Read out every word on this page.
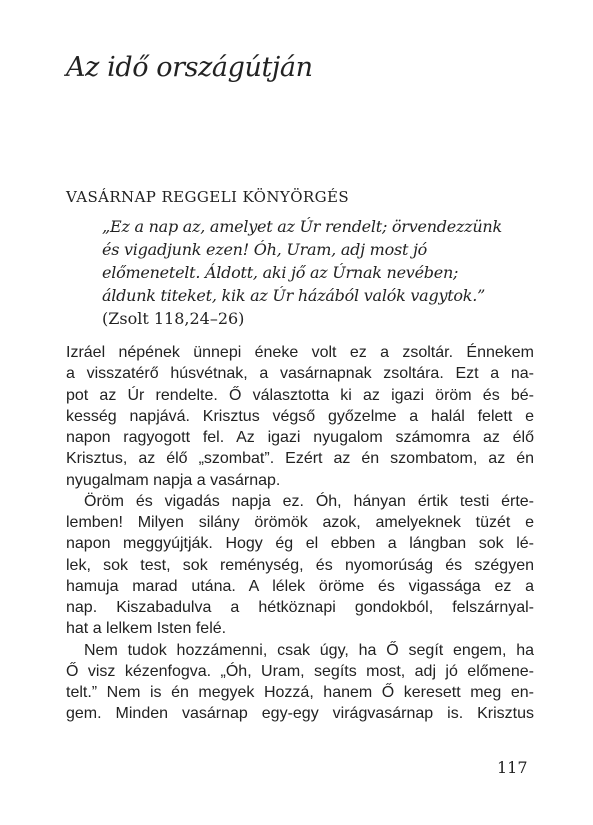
Az idő országútján
VASÁRNAP REGGELI KÖNYÖRGÉS
„Ez a nap az, amelyet az Úr rendelt; örvendezzünk
és vigadjunk ezen! Óh, Uram, adj most jó
előmenetelt. Áldott, aki jő az Úrnak nevében;
áldunk titeket, kik az Úr házából valók vagytok.”
(Zsolt 118,24–26)
Izráel népének ünnepi éneke volt ez a zsoltár. Énnekem
a visszatérő húsvétnak, a vasárnapnak zsoltára. Ezt a na-
pot az Úr rendelte. Ő választotta ki az igazi öröm és bé-
kesség napjává. Krisztus végső győzelme a halál felett e
napon ragyogott fel. Az igazi nyugalom számomra az élő
Krisztus, az élő „szombat”. Ezért az én szombatom, az én
nyugalmam napja a vasárnap.
Öröm és vigadás napja ez. Óh, hányan értik testi érte-
lemben! Milyen silány örömök azok, amelyeknek tüzét e
napon meggyújtják. Hogy ég el ebben a lángban sok lé-
lek, sok test, sok reménység, és nyomorúság és szégyen
hamuja marad utána. A lélek öröme és vigassága ez a
nap. Kiszabadulva a hétköznapi gondokból, felszárnyal-
hat a lelkem Isten felé.
Nem tudok hozzámenni, csak úgy, ha Ő segít engem, ha
Ő visz kézenfogva. „Óh, Uram, segíts most, adj jó előmene-
telt.” Nem is én megyek Hozzá, hanem Ő keresett meg en-
gem. Minden vasárnap egy-egy virágvasárnap is. Krisztus
117
